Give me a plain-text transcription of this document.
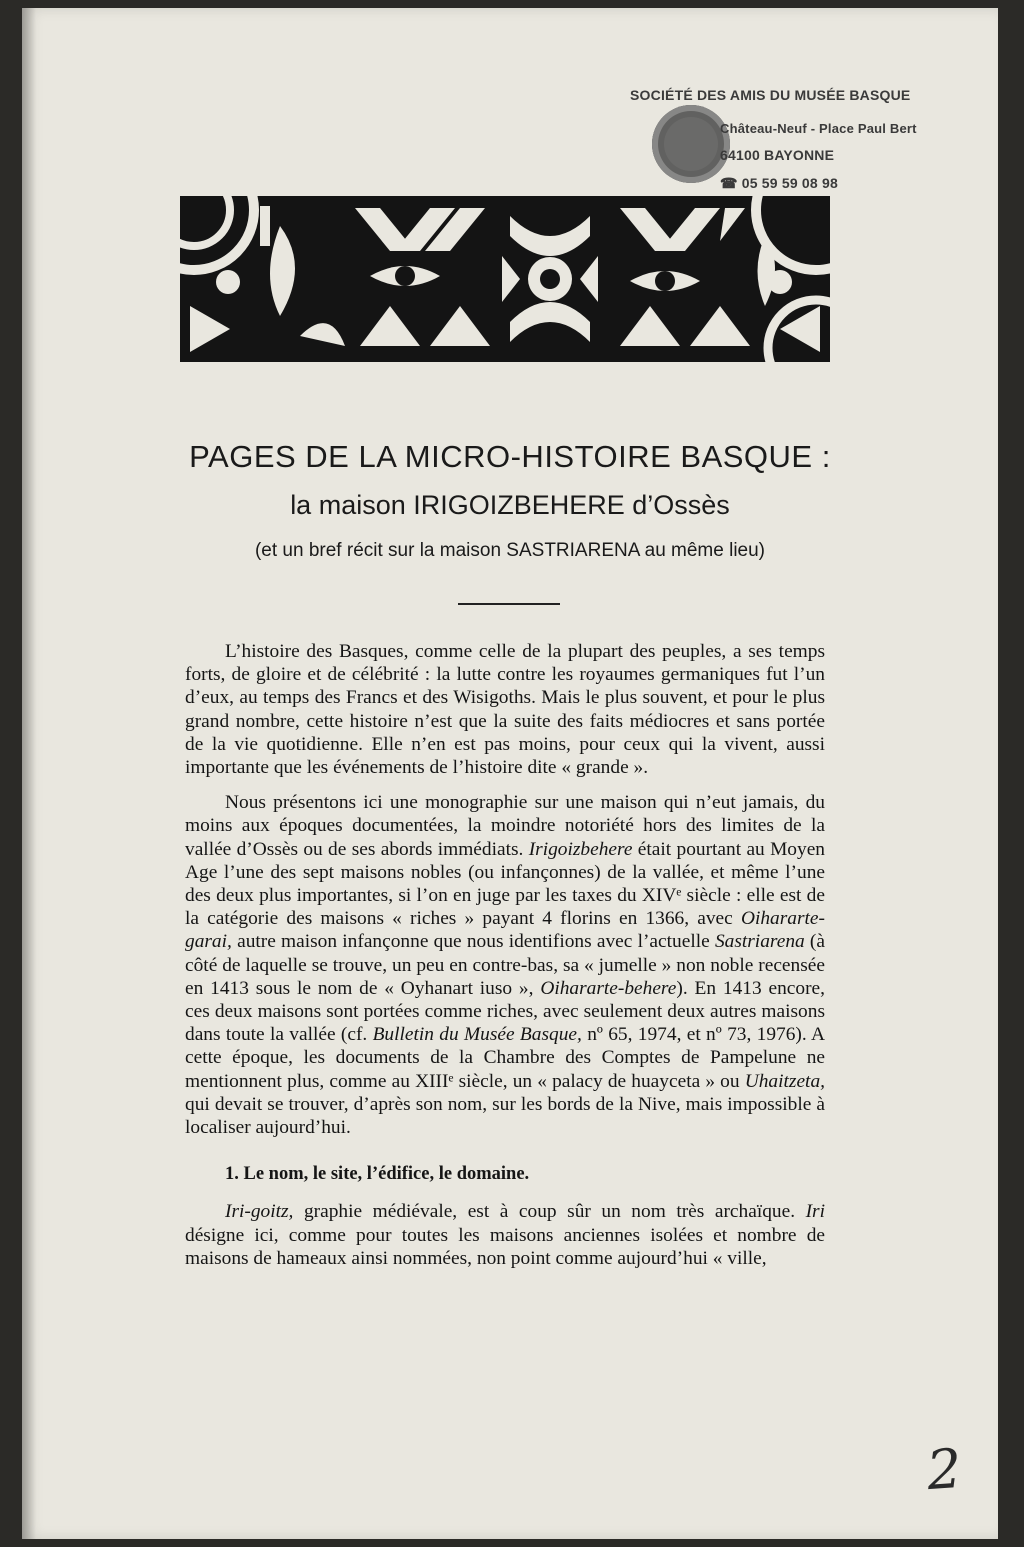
SOCIÉTÉ DES AMIS DU MUSÉE BASQUE
Château-Neuf - Place Paul Bert
64100 BAYONNE
☎ 05 59 59 08 98
PAGES DE LA MICRO-HISTOIRE BASQUE :
la maison IRIGOIZBEHERE d’Ossès
(et un bref récit sur la maison SASTRIARENA au même lieu)

L’histoire des Basques, comme celle de la plupart des peuples, a ses temps forts, de gloire et de célébrité : la lutte contre les royaumes germaniques fut l’un d’eux, au temps des Francs et des Wisigoths. Mais le plus souvent, et pour le plus grand nombre, cette histoire n’est que la suite des faits médiocres et sans portée de la vie quotidienne. Elle n’en est pas moins, pour ceux qui la vivent, aussi importante que les événements de l’histoire dite « grande ».

Nous présentons ici une monographie sur une maison qui n’eut jamais, du moins aux époques documentées, la moindre notoriété hors des limites de la vallée d’Ossès ou de ses abords immédiats. Irigoizbehere était pourtant au Moyen Age l’une des sept maisons nobles (ou infançonnes) de la vallée, et même l’une des deux plus importantes, si l’on en juge par les taxes du XIVᵉ siècle : elle est de la catégorie des maisons « riches » payant 4 florins en 1366, avec Oihararte-garai, autre maison infançonne que nous identifions avec l’actuelle Sastriarena (à côté de laquelle se trouve, un peu en contre-bas, sa « jumelle » non noble recensée en 1413 sous le nom de « Oyhanart iuso », Oihararte-behere). En 1413 encore, ces deux maisons sont portées comme riches, avec seulement deux autres maisons dans toute la vallée (cf. Bulletin du Musée Basque, nº 65, 1974, et nº 73, 1976). A cette époque, les documents de la Chambre des Comptes de Pampelune ne mentionnent plus, comme au XIIIᵉ siècle, un « palacy de huayceta » ou Uhaitzeta, qui devait se trouver, d’après son nom, sur les bords de la Nive, mais impossible à localiser aujourd’hui.

1. Le nom, le site, l’édifice, le domaine.

Iri-goitz, graphie médiévale, est à coup sûr un nom très archaïque. Iri désigne ici, comme pour toutes les maisons anciennes isolées et nombre de maisons de hameaux ainsi nommées, non point comme aujourd’hui « ville,

2
